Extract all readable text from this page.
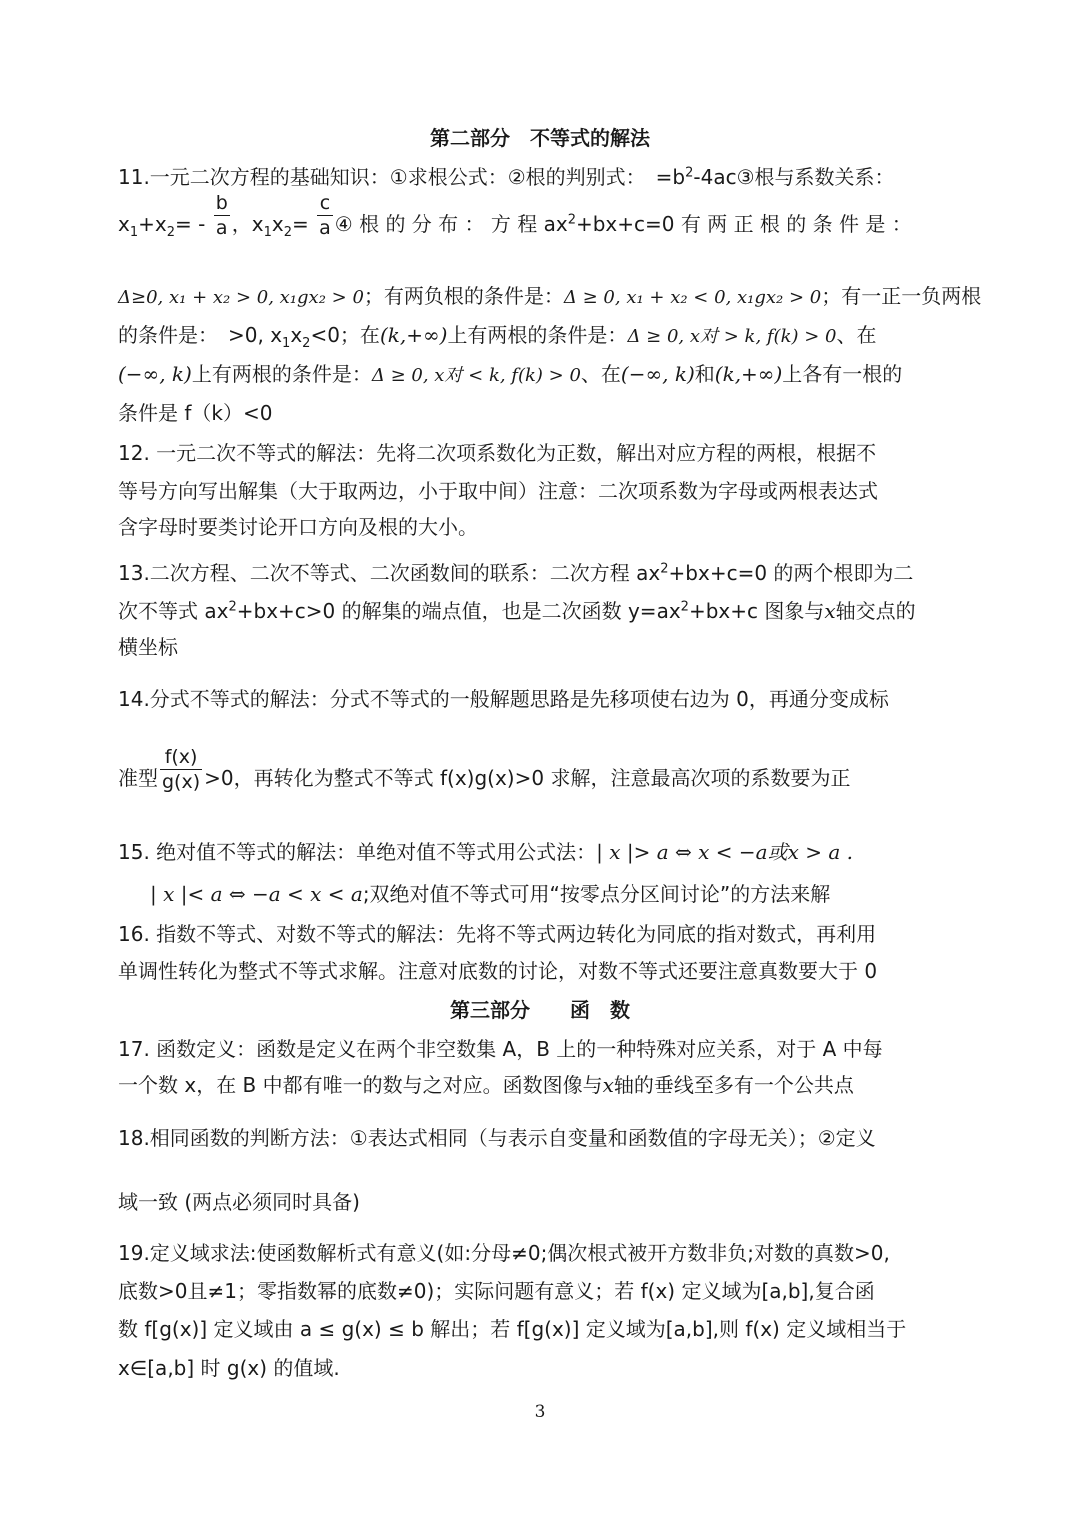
第二部分　不等式的解法
11.一元二次方程的基础知识：①求根公式：②根的判别式：　$=b^2-4ac③$根与系数关系：
$x_1+x_2= - \frac{b}{a}$ ，$x_1x_2= \frac{c}{a}$ ④ 根 的 分 布 ： 方 程 $ax^2+bx+c=0$ 有 两 正 根 的 条 件 是 ：
Δ≥0, x₁ + x₂ > 0, x₁gx₂ > 0；有两负根的条件是：Δ ≥ 0, x₁ + x₂ < 0, x₁gx₂ > 0；有一正一负两根
的条件是：　>0, $x_1x_2<0$；在(k,+∞)上有两根的条件是：Δ ≥ 0, x对 > k, f(k) > 0、在
(−∞, k)上有两根的条件是：Δ ≥ 0, x对 < k, f(k) > 0、在(−∞, k)和(k,+∞)上各有一根的
条件是 f（k）<0
12. 一元二次不等式的解法：先将二次项系数化为正数，解出对应方程的两根，根据不
等号方向写出解集（大于取两边，小于取中间）注意：二次项系数为字母或两根表达式
含字母时要类讨论开口方向及根的大小。
13.二次方程、二次不等式、二次函数间的联系：二次方程 $ax^2+bx+c=0$ 的两个根即为二
次不等式 $ax^2+bx+c>0$ 的解集的端点值，也是二次函数 $y=ax^2+bx+c$ 图象与x轴交点的
横坐标
14.分式不等式的解法：分式不等式的一般解题思路是先移项使右边为 0，再通分变成标
准型 $\frac{f(x)}{g(x)} >0$，再转化为整式不等式 f(x)g(x)>0 求解，注意最高次项的系数要为正
15. 绝对值不等式的解法：单绝对值不等式用公式法：| x |> a ⇔ x < −a或x > a .
| x |< a ⇔ −a < x < a;双绝对值不等式可用“按零点分区间讨论”的方法来解
16. 指数不等式、对数不等式的解法：先将不等式两边转化为同底的指对数式，再利用
单调性转化为整式不等式求解。注意对底数的讨论，对数不等式还要注意真数要大于 0
第三部分　　函　数
17. 函数定义：函数是定义在两个非空数集 A，B 上的一种特殊对应关系，对于 A 中每
一个数 x，在 B 中都有唯一的数与之对应。函数图像与x轴的垂线至多有一个公共点
18.相同函数的判断方法：①表达式相同（与表示自变量和函数值的字母无关）；②定义
域一致 (两点必须同时具备)
19.定义域求法:使函数解析式有意义(如:分母≠0;偶次根式被开方数非负;对数的真数>0,
底数>0且≠1；零指数幂的底数≠0)；实际问题有意义；若 f(x) 定义域为[a,b],复合函
数 f[g(x)] 定义域由 a ≤ g(x) ≤ b 解出；若 f[g(x)] 定义域为[a,b],则 f(x) 定义域相当于
x∈[a,b] 时 g(x) 的值域.
3
